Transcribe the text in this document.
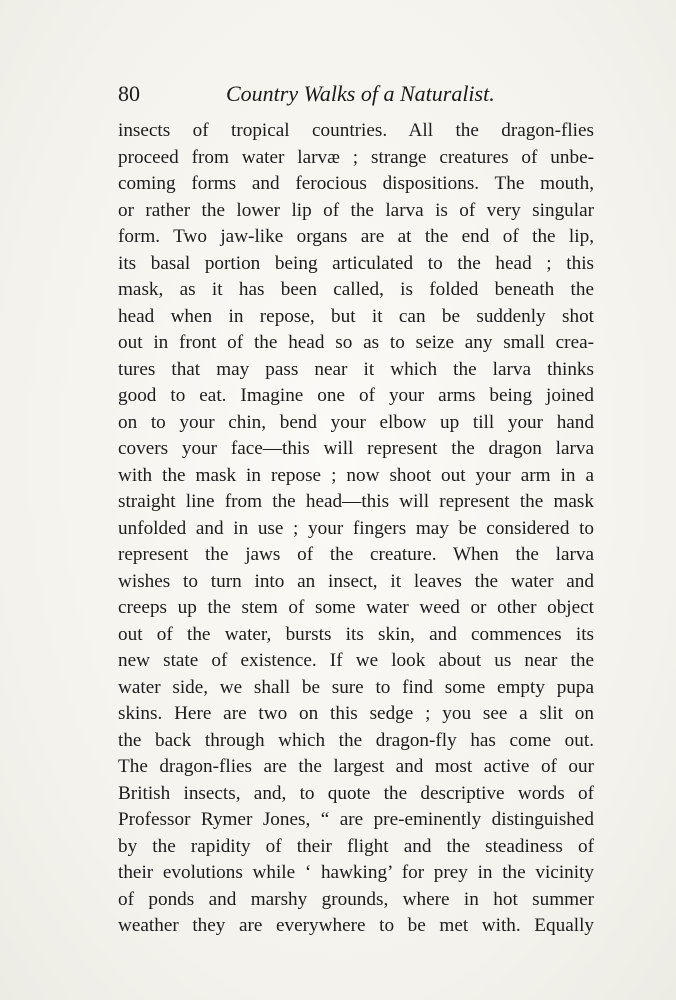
80	Country Walks of a Naturalist.
insects of tropical countries. All the dragon-flies
proceed from water larvæ ; strange creatures of unbe-
coming forms and ferocious dispositions. The mouth,
or rather the lower lip of the larva is of very singular
form. Two jaw-like organs are at the end of the lip,
its basal portion being articulated to the head ; this
mask, as it has been called, is folded beneath the
head when in repose, but it can be suddenly shot
out in front of the head so as to seize any small crea-
tures that may pass near it which the larva thinks
good to eat. Imagine one of your arms being joined
on to your chin, bend your elbow up till your hand
covers your face—this will represent the dragon larva
with the mask in repose ; now shoot out your arm in a
straight line from the head—this will represent the mask
unfolded and in use ; your fingers may be considered to
represent the jaws of the creature. When the larva
wishes to turn into an insect, it leaves the water and
creeps up the stem of some water weed or other object
out of the water, bursts its skin, and commences its
new state of existence. If we look about us near the
water side, we shall be sure to find some empty pupa
skins. Here are two on this sedge ; you see a slit on
the back through which the dragon-fly has come out.
The dragon-flies are the largest and most active of our
British insects, and, to quote the descriptive words of
Professor Rymer Jones, “ are pre-eminently distinguished
by the rapidity of their flight and the steadiness of
their evolutions while ‘ hawking’ for prey in the vicinity
of ponds and marshy grounds, where in hot summer
weather they are everywhere to be met with. Equally
